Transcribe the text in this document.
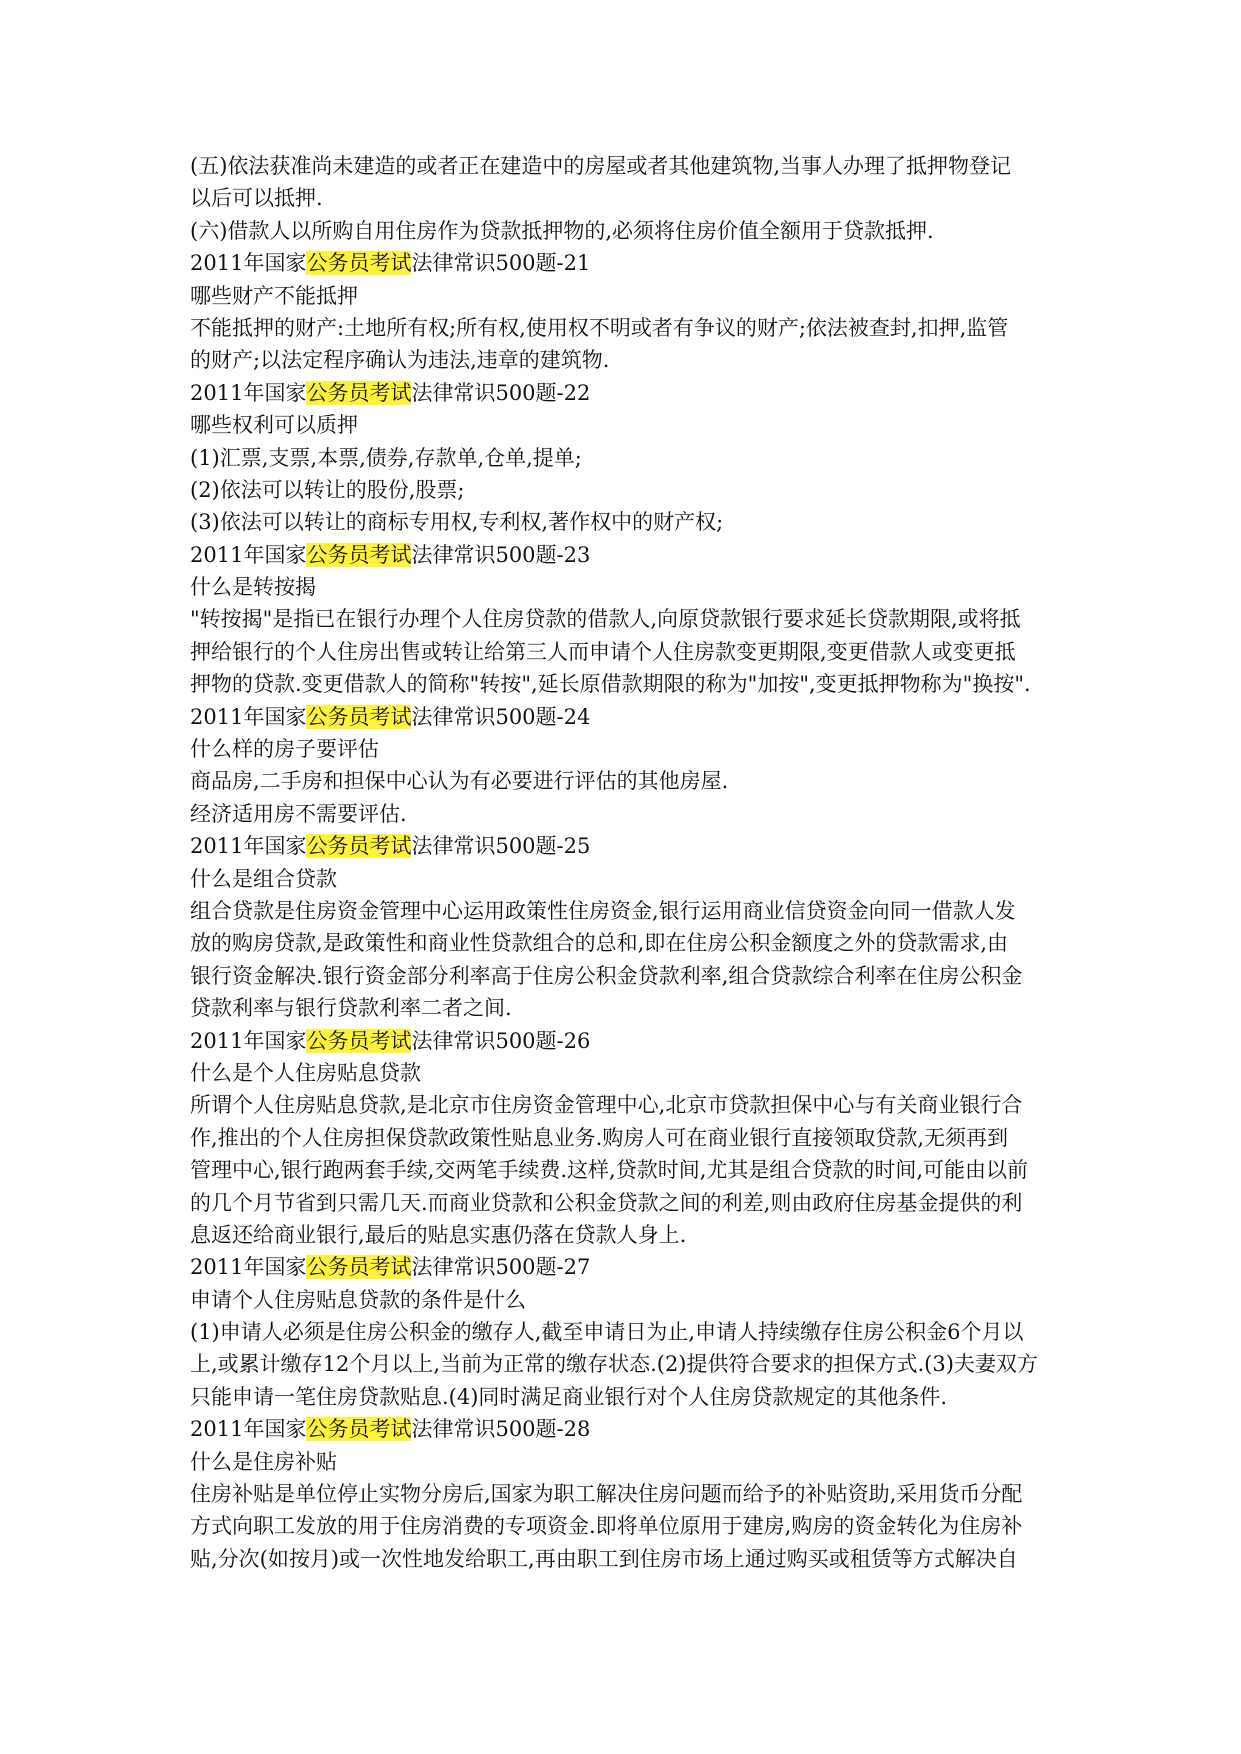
(五)依法获准尚未建造的或者正在建造中的房屋或者其他建筑物,当事人办理了抵押物登记
以后可以抵押.
(六)借款人以所购自用住房作为贷款抵押物的,必须将住房价值全额用于贷款抵押.
2011年国家公务员考试法律常识500题-21
哪些财产不能抵押
不能抵押的财产:土地所有权;所有权,使用权不明或者有争议的财产;依法被查封,扣押,监管
的财产;以法定程序确认为违法,违章的建筑物.
2011年国家公务员考试法律常识500题-22
哪些权利可以质押
(1)汇票,支票,本票,债券,存款单,仓单,提单;
(2)依法可以转让的股份,股票;
(3)依法可以转让的商标专用权,专利权,著作权中的财产权;
2011年国家公务员考试法律常识500题-23
什么是转按揭
"转按揭"是指已在银行办理个人住房贷款的借款人,向原贷款银行要求延长贷款期限,或将抵
押给银行的个人住房出售或转让给第三人而申请个人住房款变更期限,变更借款人或变更抵
押物的贷款.变更借款人的简称"转按",延长原借款期限的称为"加按",变更抵押物称为"换按".
2011年国家公务员考试法律常识500题-24
什么样的房子要评估
商品房,二手房和担保中心认为有必要进行评估的其他房屋.
经济适用房不需要评估.
2011年国家公务员考试法律常识500题-25
什么是组合贷款
组合贷款是住房资金管理中心运用政策性住房资金,银行运用商业信贷资金向同一借款人发
放的购房贷款,是政策性和商业性贷款组合的总和,即在住房公积金额度之外的贷款需求,由
银行资金解决.银行资金部分利率高于住房公积金贷款利率,组合贷款综合利率在住房公积金
贷款利率与银行贷款利率二者之间.
2011年国家公务员考试法律常识500题-26
什么是个人住房贴息贷款
所谓个人住房贴息贷款,是北京市住房资金管理中心,北京市贷款担保中心与有关商业银行合
作,推出的个人住房担保贷款政策性贴息业务.购房人可在商业银行直接领取贷款,无须再到
管理中心,银行跑两套手续,交两笔手续费.这样,贷款时间,尤其是组合贷款的时间,可能由以前
的几个月节省到只需几天.而商业贷款和公积金贷款之间的利差,则由政府住房基金提供的利
息返还给商业银行,最后的贴息实惠仍落在贷款人身上.
2011年国家公务员考试法律常识500题-27
申请个人住房贴息贷款的条件是什么
(1)申请人必须是住房公积金的缴存人,截至申请日为止,申请人持续缴存住房公积金6个月以
上,或累计缴存12个月以上,当前为正常的缴存状态.(2)提供符合要求的担保方式.(3)夫妻双方
只能申请一笔住房贷款贴息.(4)同时满足商业银行对个人住房贷款规定的其他条件.
2011年国家公务员考试法律常识500题-28
什么是住房补贴
住房补贴是单位停止实物分房后,国家为职工解决住房问题而给予的补贴资助,采用货币分配
方式向职工发放的用于住房消费的专项资金.即将单位原用于建房,购房的资金转化为住房补
贴,分次(如按月)或一次性地发给职工,再由职工到住房市场上通过购买或租赁等方式解决自
